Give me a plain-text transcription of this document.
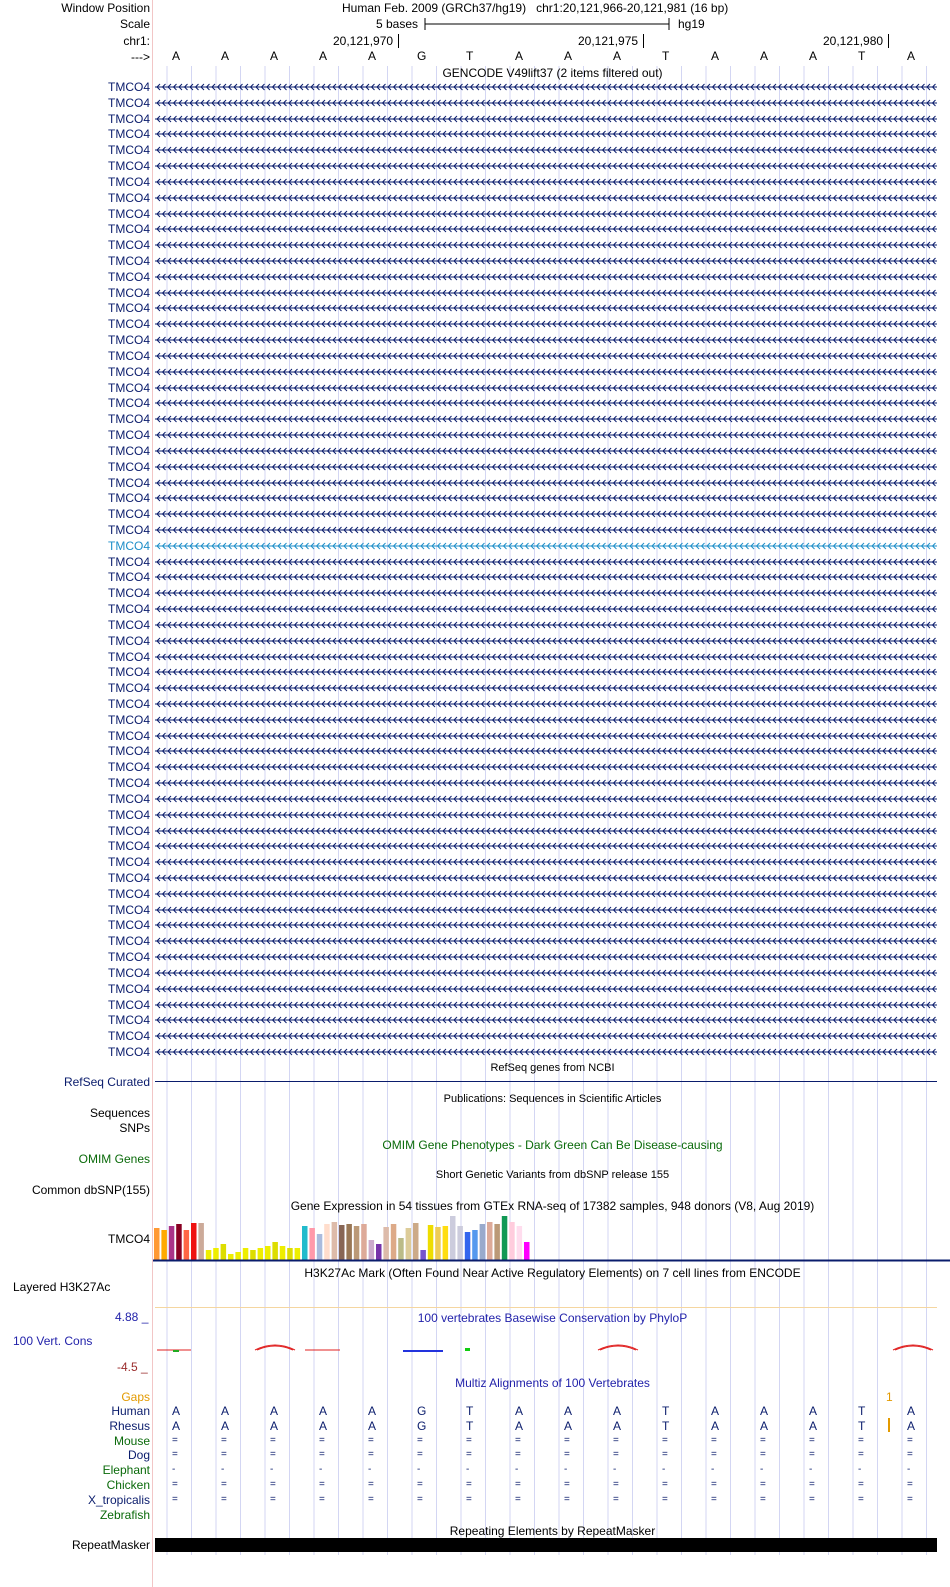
Window Position	Human Feb. 2009 (GRCh37/hg19) chr1:20,121,966-20,121,981 (16 bp)
Scale	5 bases	hg19
chr1:	20,121,970	20,121,975	20,121,980
---> A	A	A	A	A	G	T	A	A	A	T	A	A	A	T	A
GENCODE V49lift37 (2 items filtered out)
TMCO4
TMCO4
TMCO4
TMCO4
TMCO4
TMCO4
TMCO4
TMCO4
TMCO4
TMCO4
TMCO4
TMCO4
TMCO4
TMCO4
TMCO4
TMCO4
TMCO4
TMCO4
TMCO4
TMCO4
TMCO4
TMCO4
TMCO4
TMCO4
TMCO4
TMCO4
TMCO4
TMCO4
TMCO4
TMCO4
TMCO4
TMCO4
TMCO4
TMCO4
TMCO4
TMCO4
TMCO4
TMCO4
TMCO4
TMCO4
TMCO4
TMCO4
TMCO4
TMCO4
TMCO4
TMCO4
TMCO4
TMCO4
TMCO4
TMCO4
TMCO4
TMCO4
TMCO4
TMCO4
TMCO4
TMCO4
TMCO4
TMCO4
TMCO4
TMCO4
TMCO4
TMCO4
RefSeq genes from NCBI
RefSeq Curated
Publications: Sequences in Scientific Articles
Sequences
SNPs
OMIM Gene Phenotypes - Dark Green Can Be Disease-causing
OMIM Genes
Short Genetic Variants from dbSNP release 155
Common dbSNP(155)
Gene Expression in 54 tissues from GTEx RNA-seq of 17382 samples, 948 donors (V8, Aug 2019)
TMCO4
H3K27Ac Mark (Often Found Near Active Regulatory Elements) on 7 cell lines from ENCODE
Layered H3K27Ac
100 vertebrates Basewise Conservation by PhyloP
4.88 _
100 Vert. Cons
-4.5 _
Multiz Alignments of 100 Vertebrates
Gaps	1
Human A	A	A	A	A	G	T	A	A	A	T	A	A	A	T	A
Rhesus A	A	A	A	A	G	T	A	A	A	T	A	A	A	T	A
Mouse =	=	=	=	=	=	=	=	=	=	=	=	=	=	=	=
Dog =	=	=	=	=	=	=	=	=	=	=	=	=	=	=	=
Elephant -	-	-	-	-	-	-	-	-	-	-	-	-	-	-	-
Chicken =	=	=	=	=	=	=	=	=	=	=	=	=	=	=	=
X_tropicalis =	=	=	=	=	=	=	=	=	=	=	=	=	=	=	=
Zebrafish
Repeating Elements by RepeatMasker
RepeatMasker
